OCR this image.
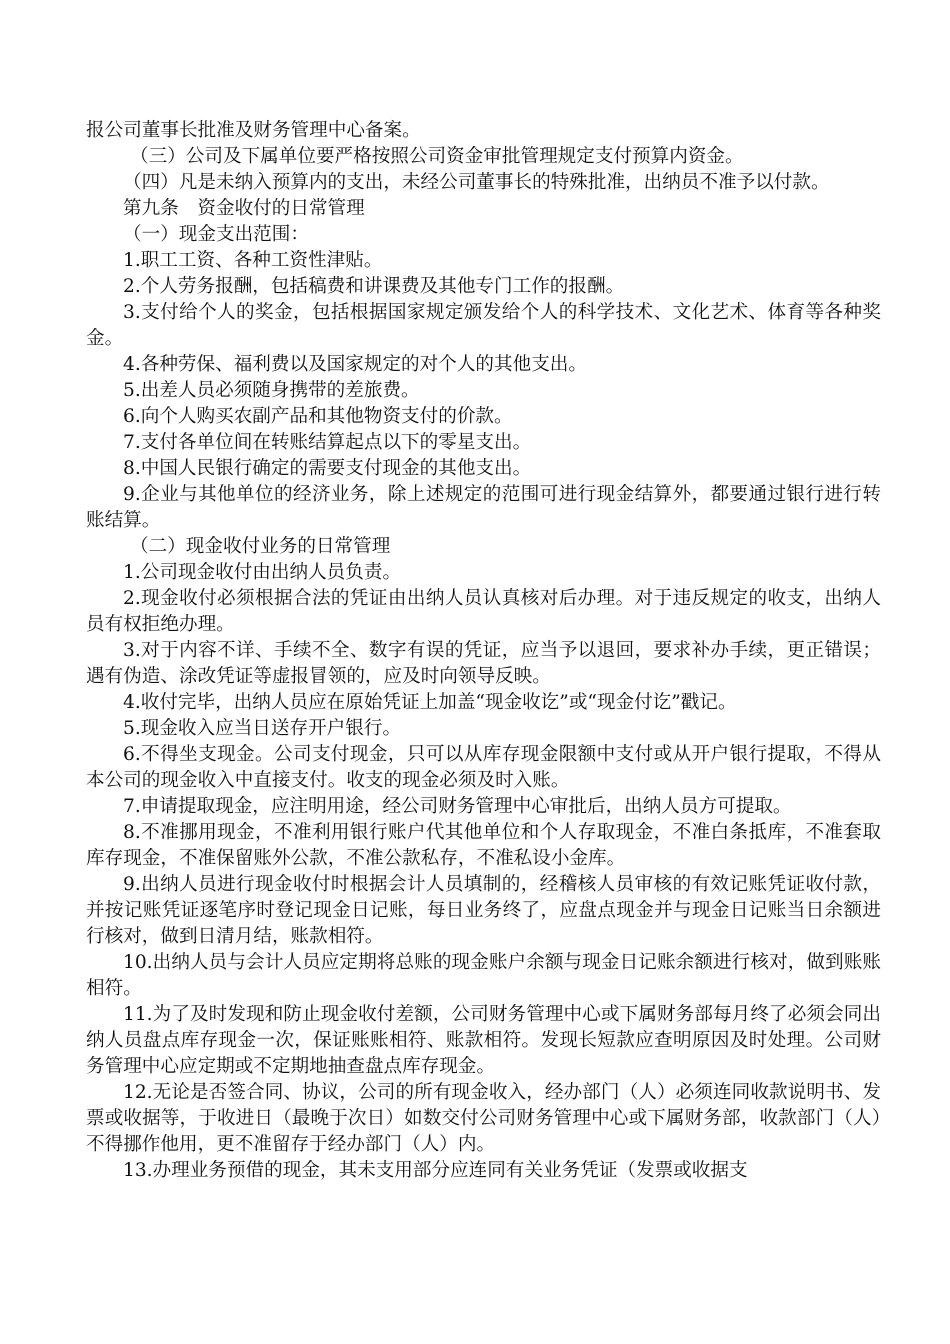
报公司董事长批准及财务管理中心备案。

（三）公司及下属单位要严格按照公司资金审批管理规定支付预算内资金。

（四）凡是未纳入预算内的支出，未经公司董事长的特殊批准，出纳员不准予以付款。

第九条　资金收付的日常管理

（一）现金支出范围：

1.职工工资、各种工资性津贴。

2.个人劳务报酬，包括稿费和讲课费及其他专门工作的报酬。

3.支付给个人的奖金，包括根据国家规定颁发给个人的科学技术、文化艺术、体育等各种奖金。

4.各种劳保、福利费以及国家规定的对个人的其他支出。

5.出差人员必须随身携带的差旅费。

6.向个人购买农副产品和其他物资支付的价款。

7.支付各单位间在转账结算起点以下的零星支出。

8.中国人民银行确定的需要支付现金的其他支出。

9.企业与其他单位的经济业务，除上述规定的范围可进行现金结算外，都要通过银行进行转账结算。

（二）现金收付业务的日常管理

1.公司现金收付由出纳人员负责。

2.现金收付必须根据合法的凭证由出纳人员认真核对后办理。对于违反规定的收支，出纳人员有权拒绝办理。

3.对于内容不详、手续不全、数字有误的凭证，应当予以退回，要求补办手续，更正错误；遇有伪造、涂改凭证等虚报冒领的，应及时向领导反映。

4.收付完毕，出纳人员应在原始凭证上加盖“现金收讫”或“现金付讫”戳记。

5.现金收入应当日送存开户银行。

6.不得坐支现金。公司支付现金，只可以从库存现金限额中支付或从开户银行提取，不得从本公司的现金收入中直接支付。收支的现金必须及时入账。

7.申请提取现金，应注明用途，经公司财务管理中心审批后，出纳人员方可提取。

8.不准挪用现金，不准利用银行账户代其他单位和个人存取现金，不准白条抵库，不准套取库存现金，不准保留账外公款，不准公款私存，不准私设小金库。

9.出纳人员进行现金收付时根据会计人员填制的，经稽核人员审核的有效记账凭证收付款，并按记账凭证逐笔序时登记现金日记账，每日业务终了，应盘点现金并与现金日记账当日余额进行核对，做到日清月结，账款相符。

10.出纳人员与会计人员应定期将总账的现金账户余额与现金日记账余额进行核对，做到账账相符。

11.为了及时发现和防止现金收付差额，公司财务管理中心或下属财务部每月终了必须会同出纳人员盘点库存现金一次，保证账账相符、账款相符。发现长短款应查明原因及时处理。公司财务管理中心应定期或不定期地抽查盘点库存现金。

12.无论是否签合同、协议，公司的所有现金收入，经办部门（人）必须连同收款说明书、发票或收据等，于收进日（最晚于次日）如数交付公司财务管理中心或下属财务部，收款部门（人）不得挪作他用，更不准留存于经办部门（人）内。

13.办理业务预借的现金，其未支用部分应连同有关业务凭证（发票或收据支
